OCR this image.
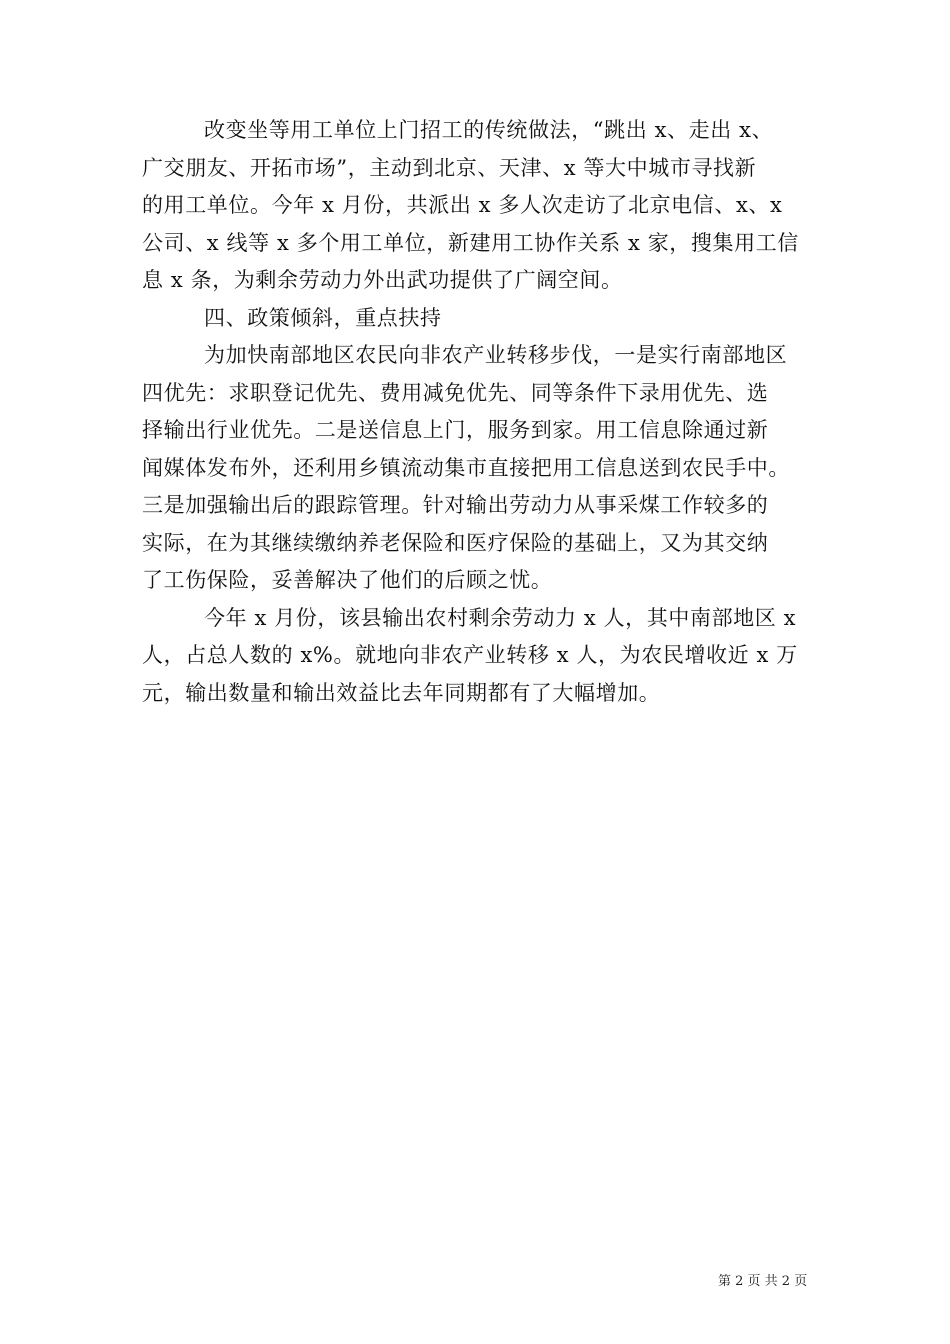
改变坐等用工单位上门招工的传统做法，“跳出 x、走出 x、
广交朋友、开拓市场”，主动到北京、天津、x 等大中城市寻找新
的用工单位。今年 x 月份，共派出 x 多人次走访了北京电信、x、x
公司、x 线等 x 多个用工单位，新建用工协作关系 x 家，搜集用工信
息 x 条，为剩余劳动力外出武功提供了广阔空间。
四、政策倾斜，重点扶持
为加快南部地区农民向非农产业转移步伐，一是实行南部地区
四优先：求职登记优先、费用减免优先、同等条件下录用优先、选
择输出行业优先。二是送信息上门，服务到家。用工信息除通过新
闻媒体发布外，还利用乡镇流动集市直接把用工信息送到农民手中。
三是加强输出后的跟踪管理。针对输出劳动力从事采煤工作较多的
实际，在为其继续缴纳养老保险和医疗保险的基础上，又为其交纳
了工伤保险，妥善解决了他们的后顾之忧。
今年 x 月份，该县输出农村剩余劳动力 x 人，其中南部地区 x
人，占总人数的 x%。就地向非农产业转移 x 人，为农民增收近 x 万
元，输出数量和输出效益比去年同期都有了大幅增加。
第 2 页 共 2 页
